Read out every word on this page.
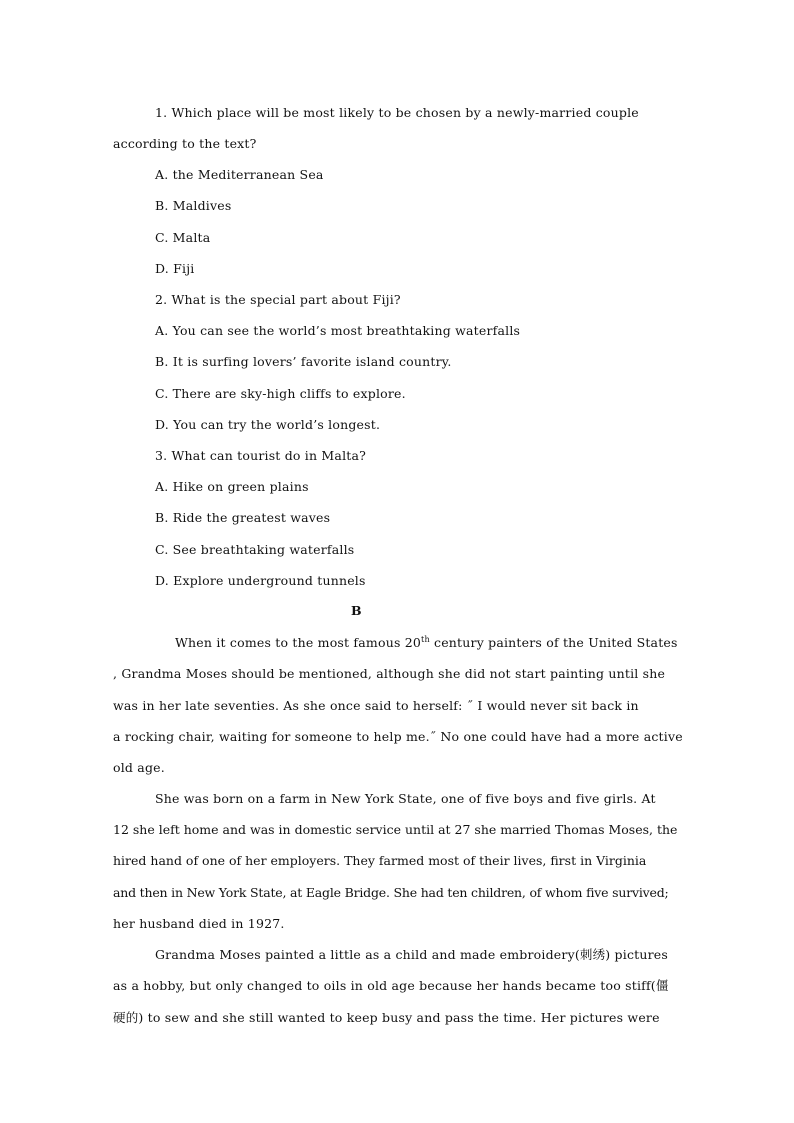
1. Which place will be most likely to be chosen by a newly-married couple
according to the text?
A. the Mediterranean Sea
B. Maldives
C. Malta
D. Fiji
2. What is the special part about Fiji?
A. You can see the world’s most breathtaking waterfalls
B. It is surfing lovers’ favorite island country.
C. There are sky-high cliffs to explore.
D. You can try the world’s longest.
3. What can tourist do in Malta?
A. Hike on green plains
B. Ride the greatest waves
C. See breathtaking waterfalls
D. Explore underground tunnels
B
When it comes to the most famous 20th century painters of the United States
, Grandma Moses should be mentioned, although she did not start painting until she
was in her late seventies. As she once said to herself: ˝ I would never sit back in
a rocking chair, waiting for someone to help me.˝ No one could have had a more active
old age.
She was born on a farm in New York State, one of five boys and five girls. At
12 she left home and was in domestic service until at 27 she married Thomas Moses, the
hired hand of one of her employers. They farmed most of their lives, first in Virginia
and then in New York State, at Eagle Bridge. She had ten children, of whom five survived;
her husband died in 1927.
Grandma Moses painted a little as a child and made embroidery(刺绣) pictures
as a hobby, but only changed to oils in old age because her hands became too stiff(僵
硬的) to sew and she still wanted to keep busy and pass the time. Her pictures were
